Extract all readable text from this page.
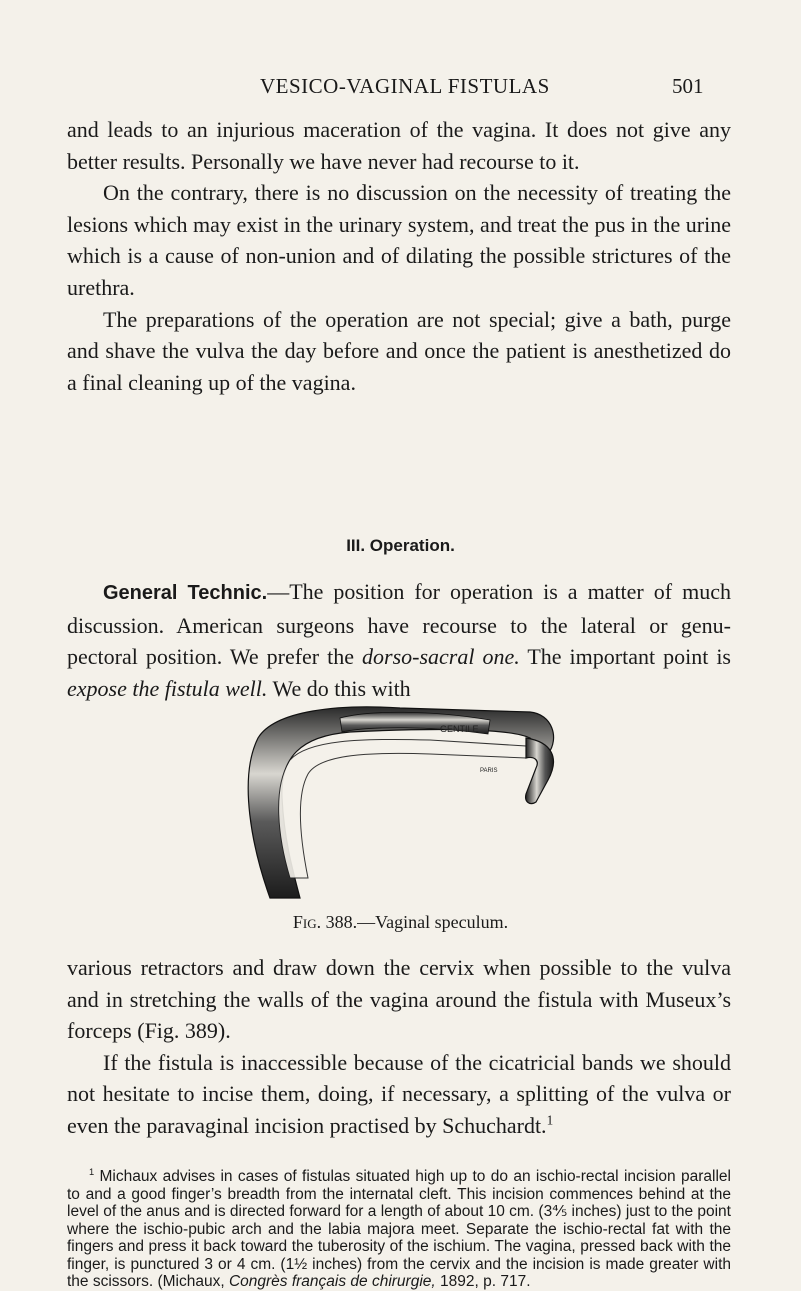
VESICO-VAGINAL FISTULAS	501

and leads to an injurious maceration of the vagina. It does not give any better results. Personally we have never had recourse to it.

On the contrary, there is no discussion on the necessity of treating the lesions which may exist in the urinary system, and treat the pus in the urine which is a cause of non-union and of dilating the possible strictures of the urethra.

The preparations of the operation are not special; give a bath, purge and shave the vulva the day before and once the patient is anesthetized do a final cleaning up of the vagina.

III. Operation.

General Technic.—The position for operation is a matter of much discussion. American surgeons have recourse to the lateral or genu-pectoral position. We prefer the dorso-sacral one. The important point is expose the fistula well. We do this with

GENTILE
PARIS
Fig. 388.—Vaginal speculum.

various retractors and draw down the cervix when possible to the vulva and in stretching the walls of the vagina around the fistula with Museux’s forceps (Fig. 389).

If the fistula is inaccessible because of the cicatricial bands we should not hesitate to incise them, doing, if necessary, a splitting of the vulva or even the paravaginal incision practised by Schuchardt.$^1$

$^1$ Michaux advises in cases of fistulas situated high up to do an ischio-rectal incision parallel to and a good finger’s breadth from the internatal cleft. This incision commences behind at the level of the anus and is directed forward for a length of about 10 cm. (3⅘ inches) just to the point where the ischio-pubic arch and the labia majora meet. Separate the ischio-rectal fat with the fingers and press it back toward the tuberosity of the ischium. The vagina, pressed back with the finger, is punctured 3 or 4 cm. (1½ inches) from the cervix and the incision is made greater with the scissors. (Michaux, Congrès français de chirurgie, 1892, p. 717.
